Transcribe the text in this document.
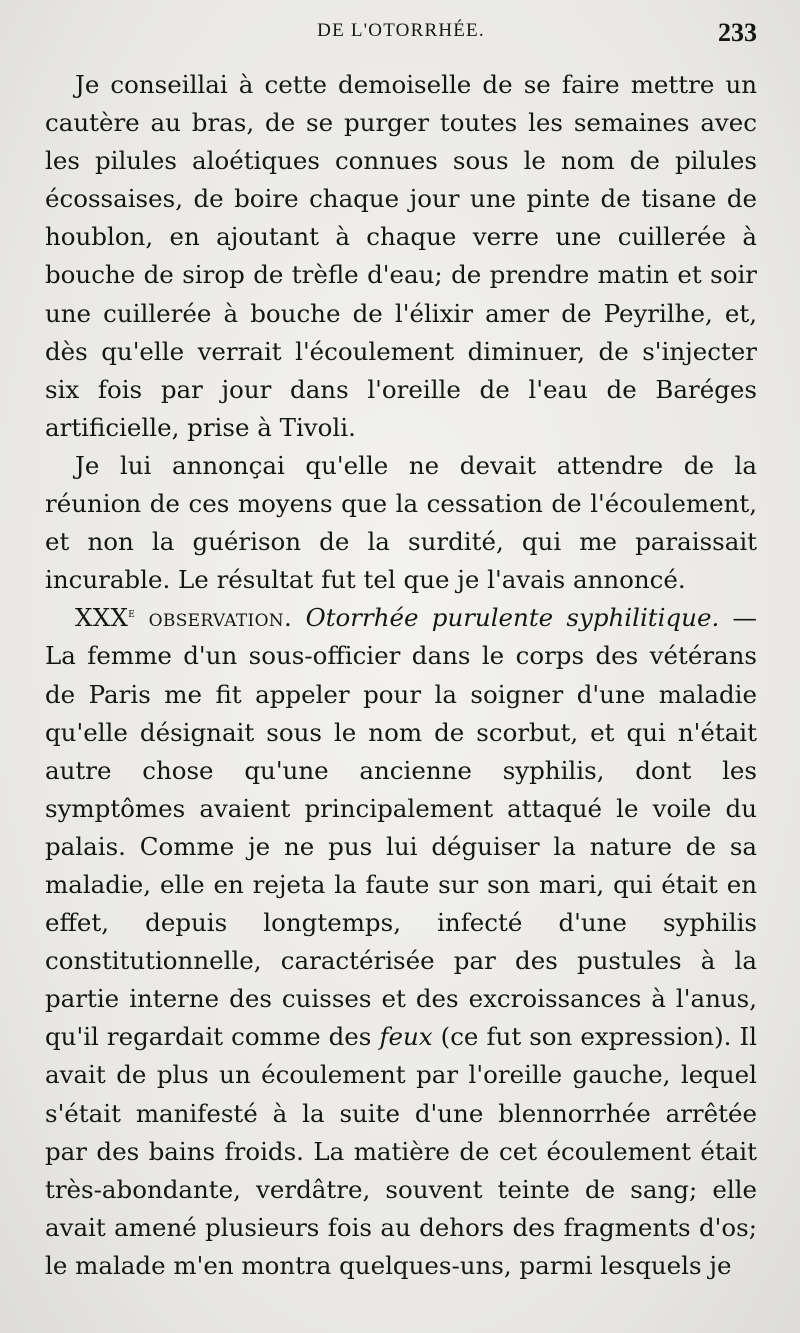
DE L'OTORRHÉE.	233

Je conseillai à cette demoiselle de se faire mettre un cautère au bras, de se purger toutes les semaines avec les pilules aloétiques connues sous le nom de pilules écossaises, de boire chaque jour une pinte de tisane de houblon, en ajoutant à chaque verre une cuillerée à bouche de sirop de trèfle d'eau; de prendre matin et soir une cuillerée à bouche de l'élixir amer de Peyrilhe, et, dès qu'elle verrait l'écoulement diminuer, de s'injecter six fois par jour dans l'oreille de l'eau de Baréges artificielle, prise à Tivoli.

Je lui annonçai qu'elle ne devait attendre de la réunion de ces moyens que la cessation de l'écoulement, et non la guérison de la surdité, qui me paraissait incurable. Le résultat fut tel que je l'avais annoncé.

XXXe observation. Otorrhée purulente syphilitique. — La femme d'un sous-officier dans le corps des vétérans de Paris me fit appeler pour la soigner d'une maladie qu'elle désignait sous le nom de scorbut, et qui n'était autre chose qu'une ancienne syphilis, dont les symptômes avaient principalement attaqué le voile du palais. Comme je ne pus lui déguiser la nature de sa maladie, elle en rejeta la faute sur son mari, qui était en effet, depuis longtemps, infecté d'une syphilis constitutionnelle, caractérisée par des pustules à la partie interne des cuisses et des excroissances à l'anus, qu'il regardait comme des feux (ce fut son expression). Il avait de plus un écoulement par l'oreille gauche, lequel s'était manifesté à la suite d'une blennorrhée arrêtée par des bains froids. La matière de cet écoulement était très-abondante, verdâtre, souvent teinte de sang; elle avait amené plusieurs fois au dehors des fragments d'os; le malade m'en montra quelques-uns, parmi lesquels je
